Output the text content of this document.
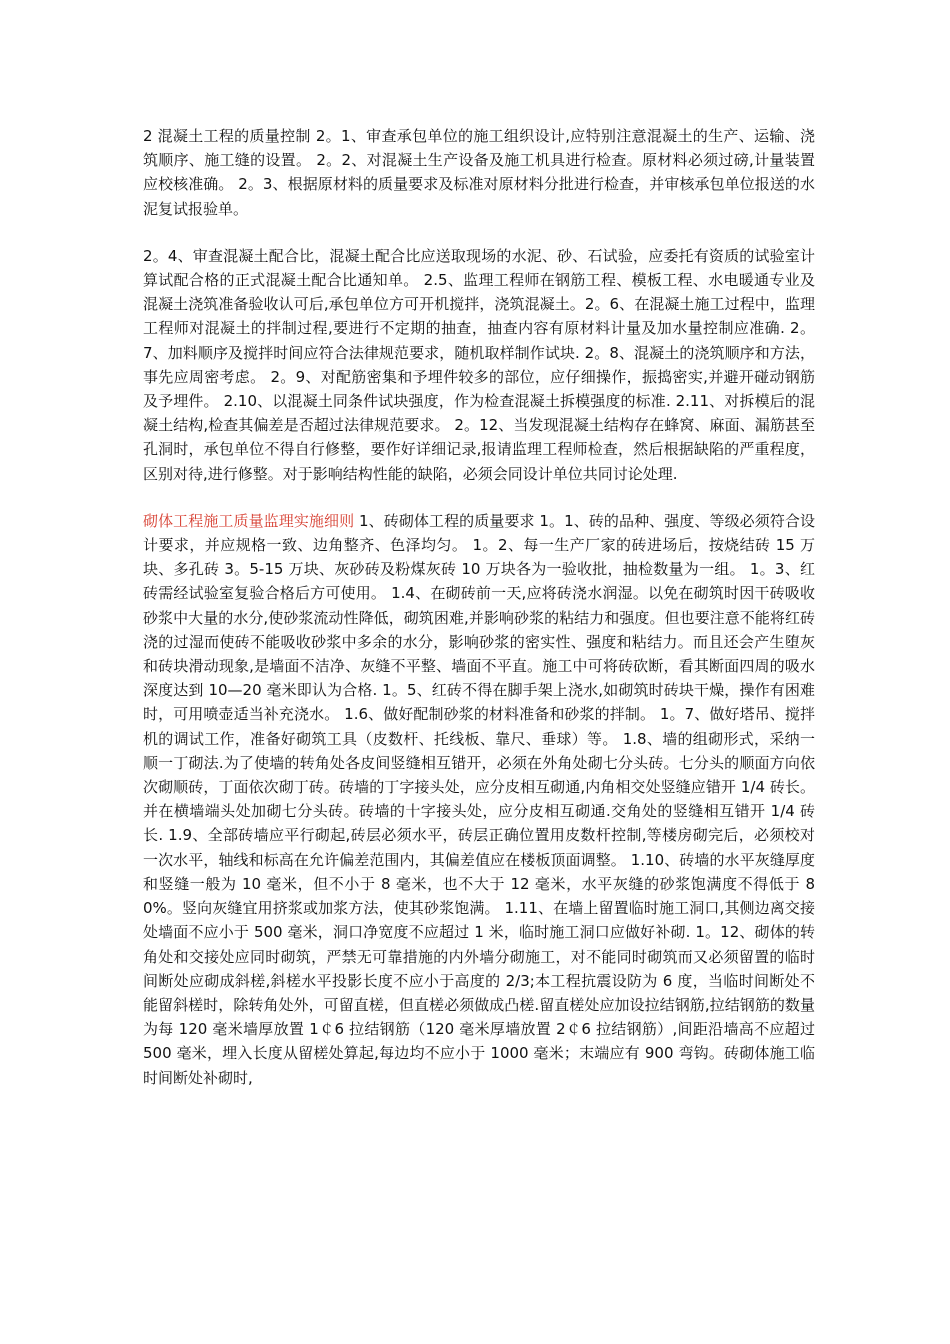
2 混凝土工程的质量控制 2。1、审查承包单位的施工组织设计,应特别注意混凝土的生产、运输、浇筑顺序、施工缝的设置。 2。2、对混凝土生产设备及施工机具进行检查。原材料必须过磅,计量装置应校核准确。 2。3、根据原材料的质量要求及标准对原材料分批进行检查，并审核承包单位报送的水泥复试报验单。

2。4、审查混凝土配合比，混凝土配合比应送取现场的水泥、砂、石试验，应委托有资质的试验室计算试配合格的正式混凝土配合比通知单。 2.5、监理工程师在钢筋工程、模板工程、水电暖通专业及混凝土浇筑准备验收认可后,承包单位方可开机搅拌，浇筑混凝土。2。6、在混凝土施工过程中，监理工程师对混凝土的拌制过程,要进行不定期的抽查，抽查内容有原材料计量及加水量控制应准确. 2。7、加料顺序及搅拌时间应符合法律规范要求，随机取样制作试块. 2。8、混凝土的浇筑顺序和方法，事先应周密考虑。 2。9、对配筋密集和予埋件较多的部位，应仔细操作，振捣密实,并避开碰动钢筋及予埋件。 2.10、以混凝土同条件试块强度，作为检查混凝土拆模强度的标准. 2.11、对拆模后的混凝土结构,检查其偏差是否超过法律规范要求。 2。12、当发现混凝土结构存在蜂窝、麻面、漏筋甚至孔洞时，承包单位不得自行修整，要作好详细记录,报请监理工程师检查，然后根据缺陷的严重程度，区别对待,进行修整。对于影响结构性能的缺陷，必须会同设计单位共同讨论处理.

砌体工程施工质量监理实施细则 1、砖砌体工程的质量要求 1。1、砖的品种、强度、等级必须符合设计要求，并应规格一致、边角整齐、色泽均匀。 1。2、每一生产厂家的砖进场后，按烧结砖 15 万块、多孔砖 3。5-15 万块、灰砂砖及粉煤灰砖 10 万块各为一验收批，抽检数量为一组。 1。3、红砖需经试验室复验合格后方可使用。 1.4、在砌砖前一天,应将砖浇水润湿。以免在砌筑时因干砖吸收砂浆中大量的水分,使砂浆流动性降低，砌筑困难,并影响砂浆的粘结力和强度。但也要注意不能将红砖浇的过湿而使砖不能吸收砂浆中多余的水分，影响砂浆的密实性、强度和粘结力。而且还会产生堕灰和砖块滑动现象,是墙面不洁净、灰缝不平整、墙面不平直。施工中可将砖砍断，看其断面四周的吸水深度达到 10—20 毫米即认为合格. 1。5、红砖不得在脚手架上浇水,如砌筑时砖块干燥，操作有困难时，可用喷壶适当补充浇水。 1.6、做好配制砂浆的材料准备和砂浆的拌制。 1。7、做好塔吊、搅拌机的调试工作，准备好砌筑工具（皮数杆、托线板、靠尺、垂球）等。 1.8、墙的组砌形式，采纳一顺一丁砌法.为了使墙的转角处各皮间竖缝相互错开，必须在外角处砌七分头砖。七分头的顺面方向依次砌顺砖，丁面依次砌丁砖。砖墙的丁字接头处，应分皮相互砌通,内角相交处竖缝应错开 1/4 砖长。并在横墙端头处加砌七分头砖。砖墙的十字接头处，应分皮相互砌通.交角处的竖缝相互错开 1/4 砖长. 1.9、全部砖墙应平行砌起,砖层必须水平，砖层正确位置用皮数杆控制,等楼房砌完后，必须校对一次水平，轴线和标高在允许偏差范围内，其偏差值应在楼板顶面调整。 1.10、砖墙的水平灰缝厚度和竖缝一般为 10 毫米，但不小于 8 毫米，也不大于 12 毫米，水平灰缝的砂浆饱满度不得低于 80%。竖向灰缝宜用挤浆或加浆方法，使其砂浆饱满。 1.11、在墙上留置临时施工洞口,其侧边离交接处墙面不应小于 500 毫米，洞口净宽度不应超过 1 米，临时施工洞口应做好补砌. 1。12、砌体的转角处和交接处应同时砌筑，严禁无可靠措施的内外墙分砌施工，对不能同时砌筑而又必须留置的临时间断处应砌成斜槎,斜槎水平投影长度不应小于高度的 2/3;本工程抗震设防为 6 度，当临时间断处不能留斜槎时，除转角处外，可留直槎，但直槎必须做成凸槎.留直槎处应加设拉结钢筋,拉结钢筋的数量为每 120 毫米墙厚放置 1￠6 拉结钢筋（120 毫米厚墙放置 2￠6 拉结钢筋）,间距沿墙高不应超过 500 毫米，埋入长度从留槎处算起,每边均不应小于 1000 毫米；末端应有 900 弯钩。砖砌体施工临时间断处补砌时,
